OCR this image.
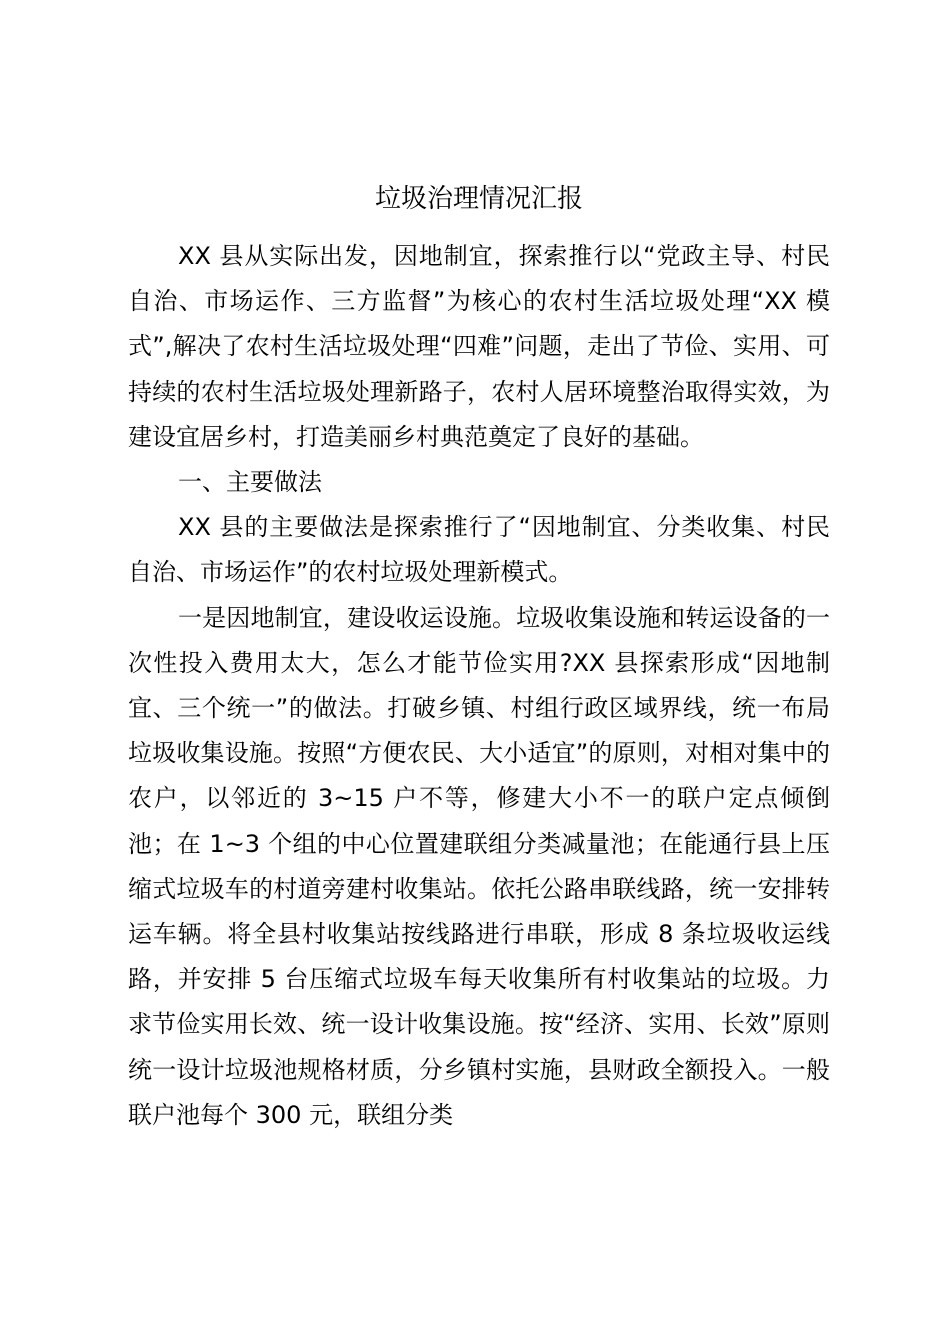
垃圾治理情况汇报

XX 县从实际出发，因地制宜，探索推行以“党政主导、村民自治、市场运作、三方监督”为核心的农村生活垃圾处理“XX 模式”,解决了农村生活垃圾处理“四难”问题，走出了节俭、实用、可持续的农村生活垃圾处理新路子，农村人居环境整治取得实效，为建设宜居乡村，打造美丽乡村典范奠定了良好的基础。

一、主要做法

XX 县的主要做法是探索推行了“因地制宜、分类收集、村民自治、市场运作”的农村垃圾处理新模式。

一是因地制宜，建设收运设施。垃圾收集设施和转运设备的一次性投入费用太大，怎么才能节俭实用?XX 县探索形成“因地制宜、三个统一”的做法。打破乡镇、村组行政区域界线，统一布局垃圾收集设施。按照“方便农民、大小适宜”的原则，对相对集中的农户，以邻近的 3~15 户不等，修建大小不一的联户定点倾倒池；在 1~3 个组的中心位置建联组分类减量池；在能通行县上压缩式垃圾车的村道旁建村收集站。依托公路串联线路，统一安排转运车辆。将全县村收集站按线路进行串联，形成 8 条垃圾收运线路，并安排 5 台压缩式垃圾车每天收集所有村收集站的垃圾。力求节俭实用长效、统一设计收集设施。按“经济、实用、长效”原则统一设计垃圾池规格材质，分乡镇村实施，县财政全额投入。一般联户池每个 300 元，联组分类
